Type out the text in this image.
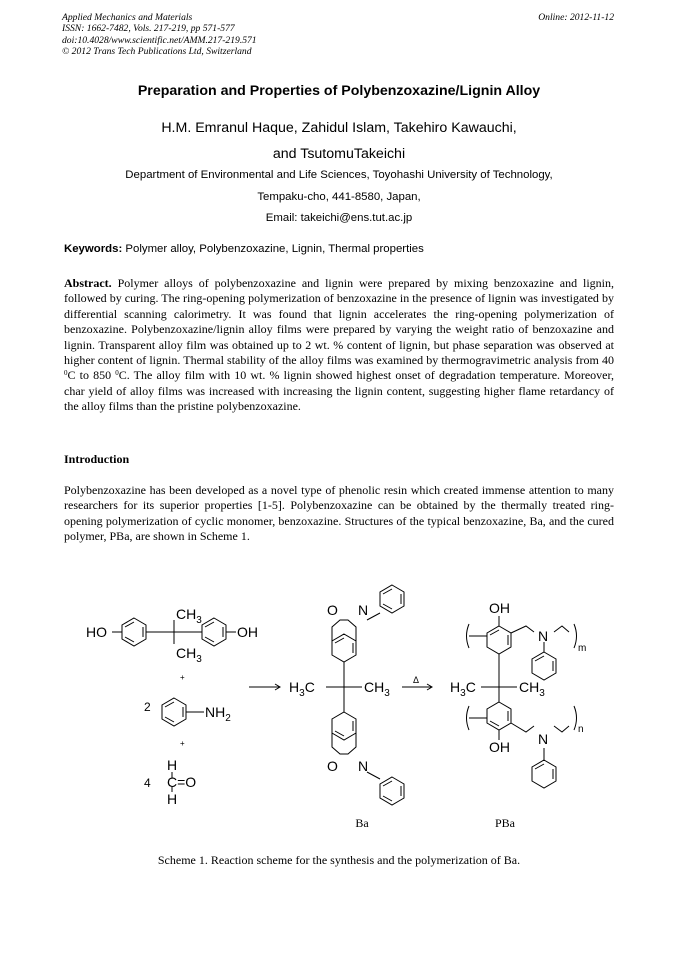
Applied Mechanics and Materials
ISSN: 1662-7482, Vols. 217-219, pp 571-577
doi:10.4028/www.scientific.net/AMM.217-219.571
© 2012 Trans Tech Publications Ltd, Switzerland
Online: 2012-11-12
Preparation and Properties of Polybenzoxazine/Lignin Alloy
H.M. Emranul Haque, Zahidul Islam, Takehiro Kawauchi,
and TsutomuTakeichi
Department of Environmental and Life Sciences, Toyohashi University of Technology,
Tempaku-cho, 441-8580, Japan,
Email: takeichi@ens.tut.ac.jp
Keywords: Polymer alloy, Polybenzoxazine, Lignin, Thermal properties
Abstract. Polymer alloys of polybenzoxazine and lignin were prepared by mixing benzoxazine and lignin, followed by curing. The ring-opening polymerization of benzoxazine in the presence of lignin was investigated by differential scanning calorimetry. It was found that lignin accelerates the ring-opening polymerization of benzoxazine. Polybenzoxazine/lignin alloy films were prepared by varying the weight ratio of benzoxazine and lignin. Transparent alloy film was obtained up to 2 wt. % content of lignin, but phase separation was observed at higher content of lignin. Thermal stability of the alloy films was examined by thermogravimetric analysis from 40 $^0$C to 850 $^0$C. The alloy film with 10 wt. % lignin showed highest onset of degradation temperature. Moreover, char yield of alloy films was increased with increasing the lignin content, suggesting higher flame retardancy of the alloy films than the pristine polybenzoxazine.
Introduction
Polybenzoxazine has been developed as a novel type of phenolic resin which created immense attention to many researchers for its superior properties [1-5]. Polybenzoxazine can be obtained by the thermally treated ring-opening polymerization of cyclic monomer, benzoxazine. Structures of the typical benzoxazine, Ba, and the cured polymer, PBa, are shown in Scheme 1.
HO	OH
$CH_3$
$CH_3$
+
2	$NH_2$
+
4
H
C=O
H
O N
$H_3C$	$CH_3$
O N
Δ
OH
N
m
$H_3C$	$CH_3$
N
n
OH
Ba	PBa
Scheme 1. Reaction scheme for the synthesis and the polymerization of Ba.
